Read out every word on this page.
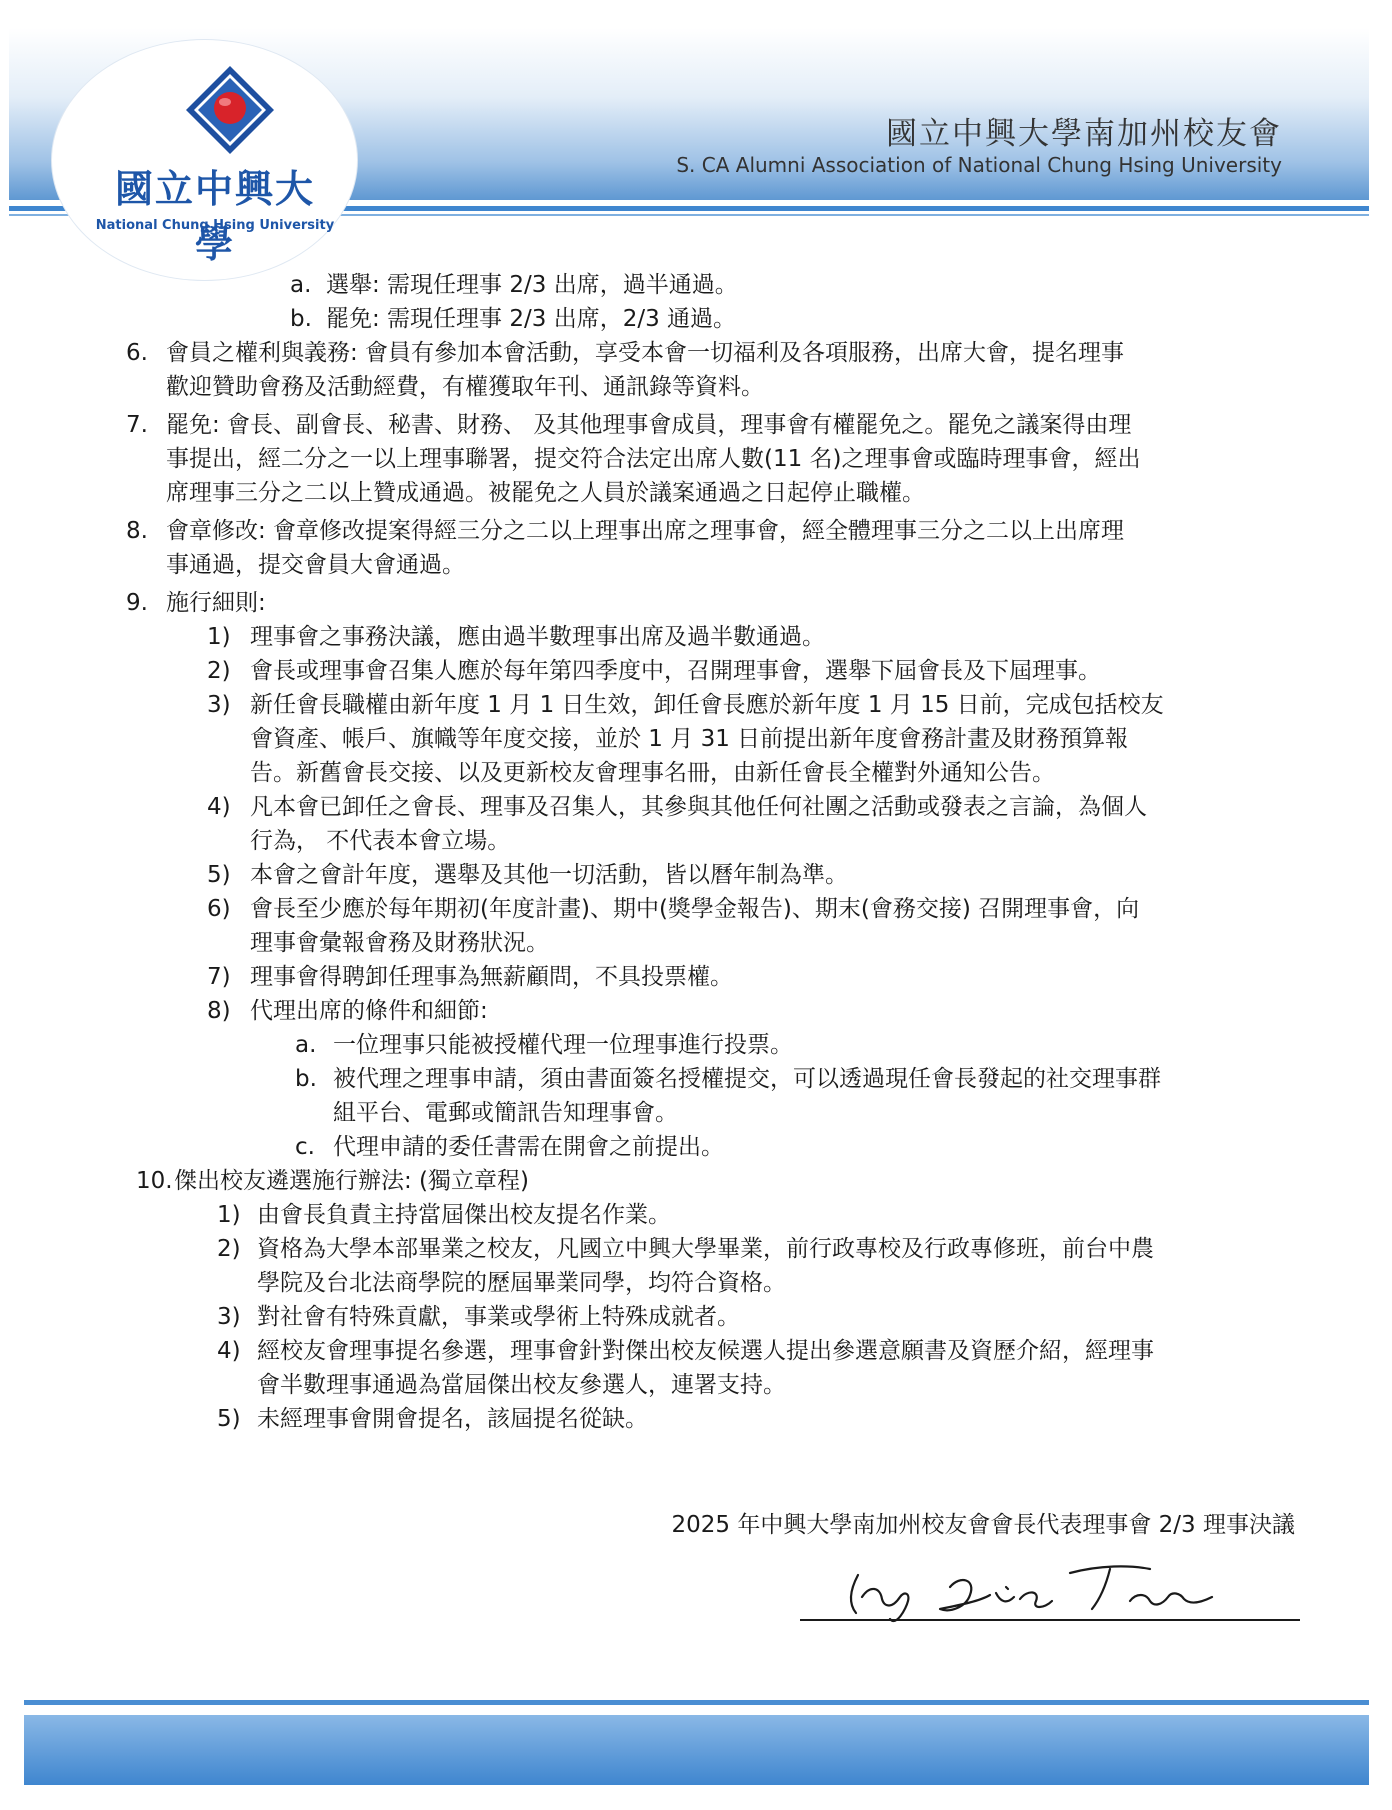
國立中興大學
National Chung Hsing University
國立中興大學南加州校友會
S. CA Alumni Association of National Chung Hsing University
a. 選舉: 需現任理事 2/3 出席，過半通過。
b. 罷免: 需現任理事 2/3 出席，2/3 通過。
6. 會員之權利與義務: 會員有參加本會活動，享受本會一切福利及各項服務，出席大會，提名理事
歡迎贊助會務及活動經費，有權獲取年刊、通訊錄等資料。
7. 罷免: 會長、副會長、秘書、財務、 及其他理事會成員，理事會有權罷免之。罷免之議案得由理
事提出，經二分之一以上理事聯署，提交符合法定出席人數(11 名)之理事會或臨時理事會，經出
席理事三分之二以上贊成通過。被罷免之人員於議案通過之日起停止職權。
8. 會章修改: 會章修改提案得經三分之二以上理事出席之理事會，經全體理事三分之二以上出席理
事通過，提交會員大會通過。
9. 施行細則:
1) 理事會之事務決議，應由過半數理事出席及過半數通過。
2) 會長或理事會召集人應於每年第四季度中，召開理事會，選舉下屆會長及下屆理事。
3) 新任會長職權由新年度 1 月 1 日生效，卸任會長應於新年度 1 月 15 日前，完成包括校友
會資產、帳戶、旗幟等年度交接，並於 1 月 31 日前提出新年度會務計畫及財務預算報
告。新舊會長交接、以及更新校友會理事名冊，由新任會長全權對外通知公告。
4) 凡本會已卸任之會長、理事及召集人，其參與其他任何社團之活動或發表之言論，為個人
行為， 不代表本會立場。
5) 本會之會計年度，選舉及其他一切活動，皆以曆年制為準。
6) 會長至少應於每年期初(年度計畫)、期中(獎學金報告)、期末(會務交接) 召開理事會，向
理事會彙報會務及財務狀況。
7) 理事會得聘卸任理事為無薪顧問，不具投票權。
8) 代理出席的條件和細節:
a. 一位理事只能被授權代理一位理事進行投票。
b. 被代理之理事申請，須由書面簽名授權提交，可以透過現任會長發起的社交理事群
組平台、電郵或簡訊告知理事會。
c. 代理申請的委任書需在開會之前提出。
10. 傑出校友遴選施行辦法: (獨立章程)
1) 由會長負責主持當屆傑出校友提名作業。
2) 資格為大學本部畢業之校友，凡國立中興大學畢業，前行政專校及行政專修班，前台中農
學院及台北法商學院的歷屆畢業同學，均符合資格。
3) 對社會有特殊貢獻，事業或學術上特殊成就者。
4) 經校友會理事提名參選，理事會針對傑出校友候選人提出參選意願書及資歷介紹，經理事
會半數理事通過為當屆傑出校友參選人，連署支持。
5) 未經理事會開會提名，該屆提名從缺。
2025 年中興大學南加州校友會會長代表理事會 2/3 理事決議
